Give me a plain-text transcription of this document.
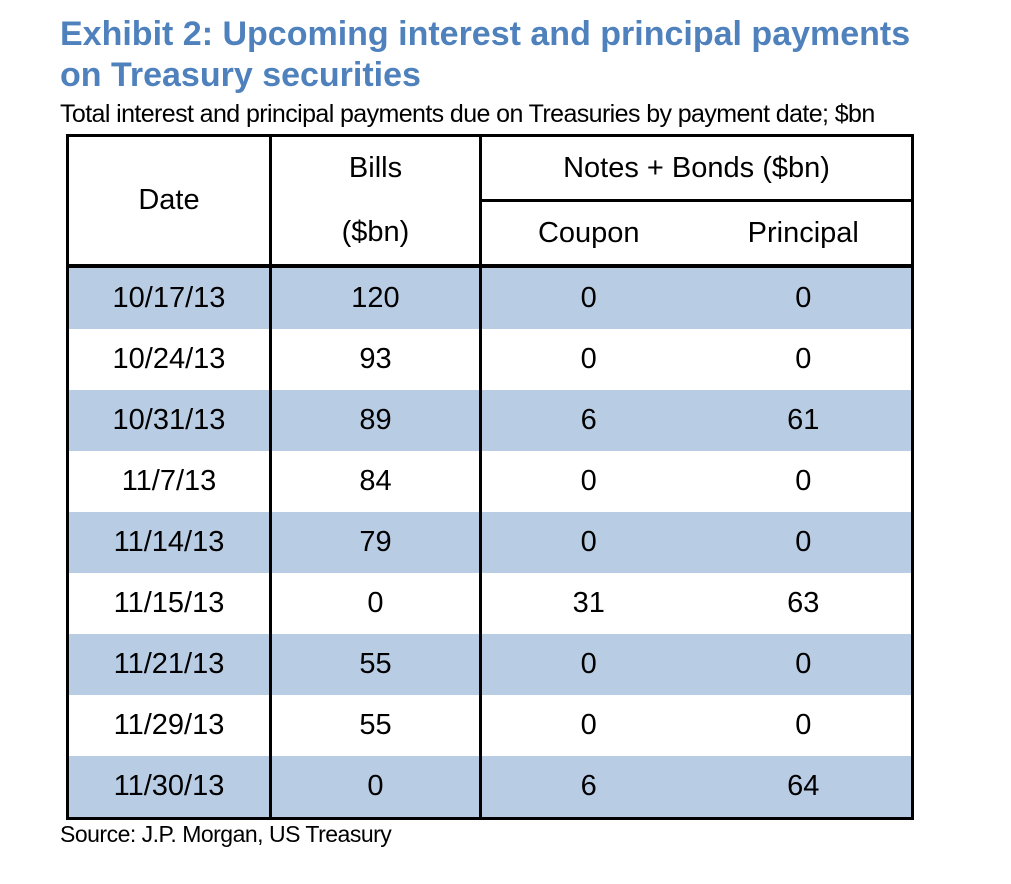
Exhibit 2: Upcoming interest and principal payments
on Treasury securities
Total interest and principal payments due on Treasuries by payment date; $bn
Date	Bills	Notes + Bonds ($bn)	
	($bn)	Coupon	Principal
10/17/13	120	0	0
10/24/13	93	0	0
10/31/13	89	6	61
11/7/13	84	0	0
11/14/13	79	0	0
11/15/13	0	31	63
11/21/13	55	0	0
11/29/13	55	0	0
11/30/13	0	6	64
Source: J.P. Morgan, US Treasury
